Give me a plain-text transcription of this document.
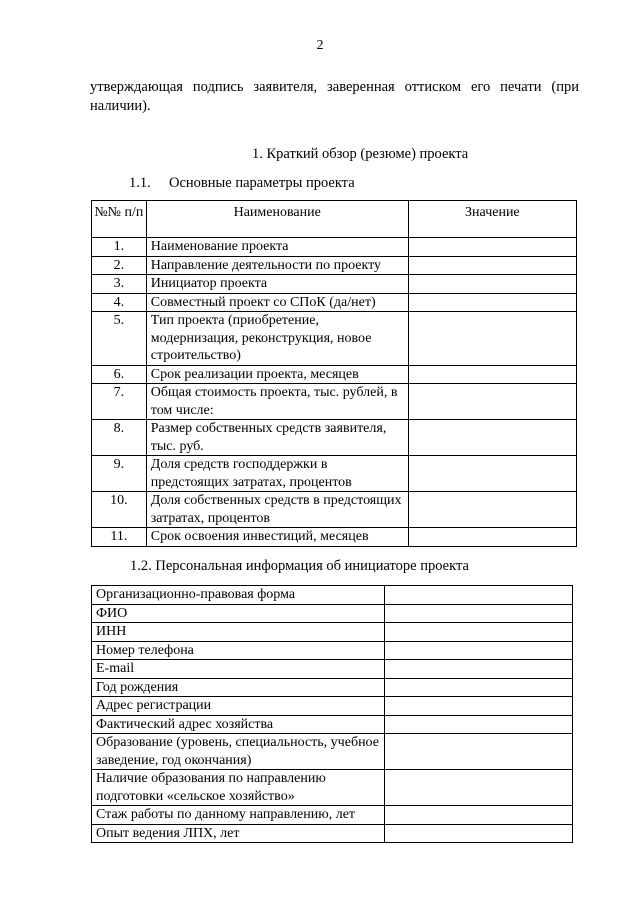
2
утверждающая подпись заявителя, заверенная оттиском его печати (при наличии).
1. Краткий обзор (резюме) проекта
1.1. Основные параметры проекта
№№ п/п	Наименование	Значение
1.	Наименование проекта	
2.	Направление деятельности по проекту	
3.	Инициатор проекта	
4.	Совместный проект со СПоК (да/нет)	
5.	Тип проекта (приобретение, модернизация, реконструкция, новое строительство)	
6.	Срок реализации проекта, месяцев	
7.	Общая стоимость проекта, тыс. рублей, в том числе:	
8.	Размер собственных средств заявителя, тыс. руб.	
9.	Доля средств господдержки в предстоящих затратах, процентов	
10.	Доля собственных средств в предстоящих затратах, процентов	
11.	Срок освоения инвестиций, месяцев	
1.2. Персональная информация об инициаторе проекта
Организационно-правовая форма	
ФИО	
ИНН	
Номер телефона	
E-mail	
Год рождения	
Адрес регистрации	
Фактический адрес хозяйства	
Образование (уровень, специальность, учебное заведение, год окончания)	
Наличие образования по направлению подготовки «сельское хозяйство»	
Стаж работы по данному направлению, лет	
Опыт ведения ЛПХ, лет	
